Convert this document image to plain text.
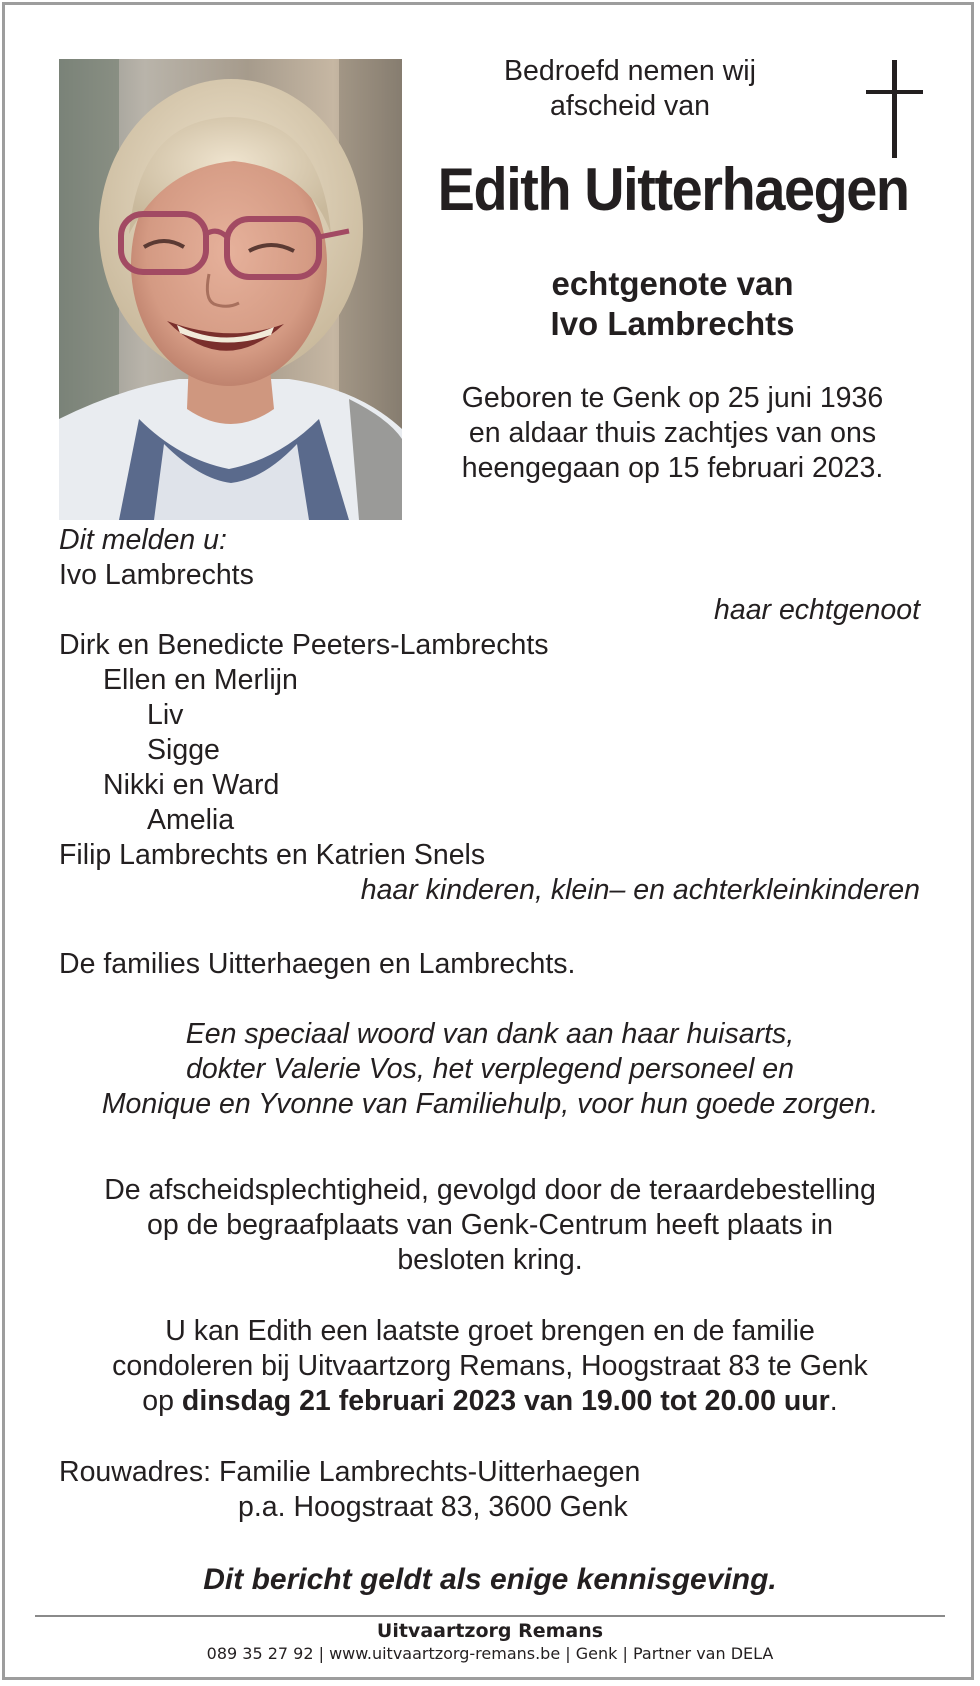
Bedroefd nemen wij
afscheid van
Edith Uitterhaegen
echtgenote van
Ivo Lambrechts
Geboren te Genk op 25 juni 1936
en aldaar thuis zachtjes van ons
heengegaan op 15 februari 2023.
Dit melden u:
Ivo Lambrechts
haar echtgenoot
Dirk en Benedicte Peeters-Lambrechts
Ellen en Merlijn
Liv
Sigge
Nikki en Ward
Amelia
Filip Lambrechts en Katrien Snels
haar kinderen, klein– en achterkleinkinderen
De families Uitterhaegen en Lambrechts.
Een speciaal woord van dank aan haar huisarts,
dokter Valerie Vos, het verplegend personeel en
Monique en Yvonne van Familiehulp, voor hun goede zorgen.
De afscheidsplechtigheid, gevolgd door de teraardebestelling
op de begraafplaats van Genk-Centrum heeft plaats in
besloten kring.
U kan Edith een laatste groet brengen en de familie
condoleren bij Uitvaartzorg Remans, Hoogstraat 83 te Genk
op dinsdag 21 februari 2023 van 19.00 tot 20.00 uur.
Rouwadres: Familie Lambrechts-Uitterhaegen
p.a. Hoogstraat 83, 3600 Genk
Dit bericht geldt als enige kennisgeving.
Uitvaartzorg Remans
089 35 27 92 | www.uitvaartzorg-remans.be | Genk | Partner van DELA
